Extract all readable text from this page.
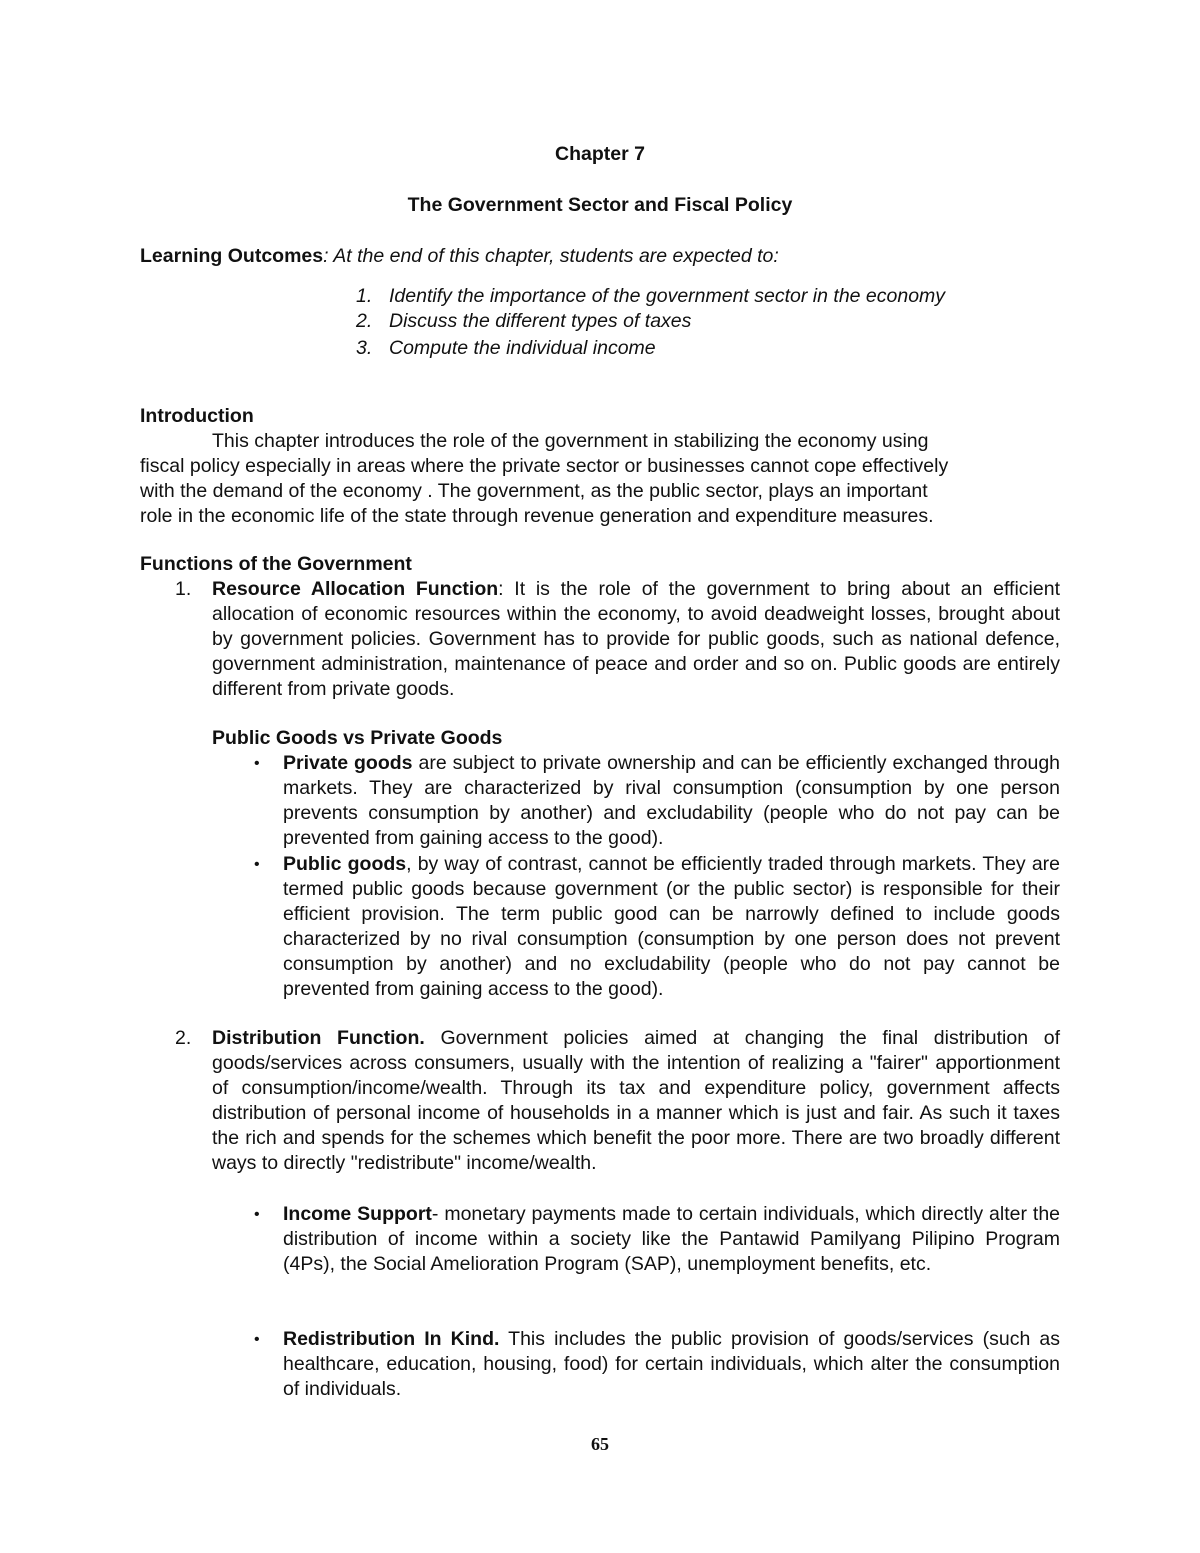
Chapter 7
The Government Sector and Fiscal Policy
Learning Outcomes: At the end of this chapter, students are expected to:
1. Identify the importance of the government sector in the economy
2. Discuss the different types of taxes
3. Compute the individual income
Introduction
This chapter introduces the role of the government in stabilizing the economy using
fiscal policy especially in areas where the private sector or businesses cannot cope effectively
with the demand of the economy . The government, as the public sector, plays an important
role in the economic life of the state through revenue generation and expenditure measures.
Functions of the Government
1. Resource Allocation Function: It is the role of the government to bring about an efficient allocation of economic resources within the economy, to avoid deadweight losses, brought about by government policies. Government has to provide for public goods, such as national defence, government administration, maintenance of peace and order and so on. Public goods are entirely different from private goods.
Public Goods vs Private Goods
• Private goods are subject to private ownership and can be efficiently exchanged through markets. They are characterized by rival consumption (consumption by one person prevents consumption by another) and excludability (people who do not pay can be prevented from gaining access to the good).
• Public goods, by way of contrast, cannot be efficiently traded through markets. They are termed public goods because government (or the public sector) is responsible for their efficient provision. The term public good can be narrowly defined to include goods characterized by no rival consumption (consumption by one person does not prevent consumption by another) and no excludability (people who do not pay cannot be prevented from gaining access to the good).
2. Distribution Function. Government policies aimed at changing the final distribution of goods/services across consumers, usually with the intention of realizing a "fairer" apportionment of consumption/income/wealth. Through its tax and expenditure policy, government affects distribution of personal income of households in a manner which is just and fair. As such it taxes the rich and spends for the schemes which benefit the poor more. There are two broadly different ways to directly "redistribute" income/wealth.
• Income Support- monetary payments made to certain individuals, which directly alter the distribution of income within a society like the Pantawid Pamilyang Pilipino Program (4Ps), the Social Amelioration Program (SAP), unemployment benefits, etc.
• Redistribution In Kind. This includes the public provision of goods/services (such as healthcare, education, housing, food) for certain individuals, which alter the consumption of individuals.
65
